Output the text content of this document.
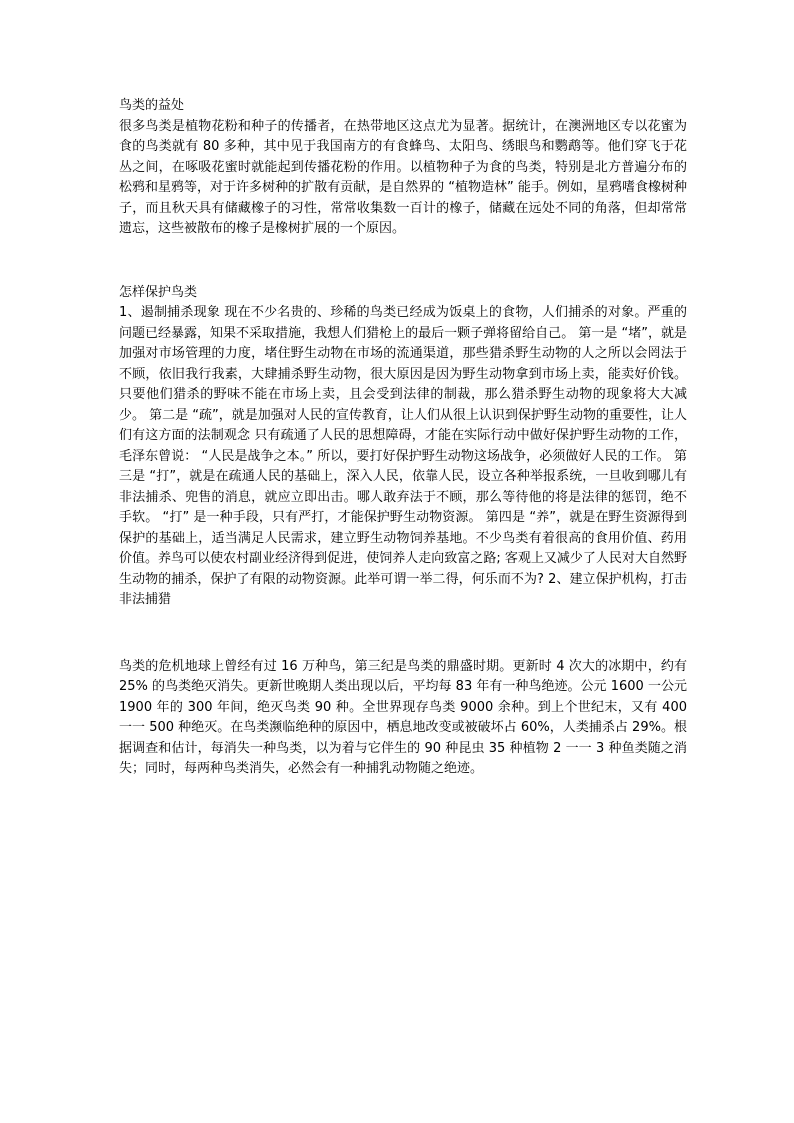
鸟类的益处

很多鸟类是植物花粉和种子的传播者，在热带地区这点尤为显著。据统计，在澳洲地区专以花蜜为食的鸟类就有 80 多种，其中见于我国南方的有食蜂鸟、太阳鸟、绣眼鸟和鹦鹉等。他们穿飞于花丛之间，在啄吸花蜜时就能起到传播花粉的作用。以植物种子为食的鸟类，特别是北方普遍分布的松鸦和星鸦等，对于许多树种的扩散有贡献，是自然界的 “植物造林” 能手。例如，星鸦嗜食橡树种子，而且秋天具有储藏橡子的习性，常常收集数一百计的橡子，储藏在远处不同的角落，但却常常遗忘，这些被散布的橡子是橡树扩展的一个原因。

怎样保护鸟类

1、遏制捕杀现象 现在不少名贵的、珍稀的鸟类已经成为饭桌上的食物，人们捕杀的对象。严重的问题已经暴露，知果不采取措施，我想人们猎枪上的最后一颗子弹将留给自己。 第一是 “堵”，就是加强对市场管理的力度，堵住野生动物在市场的流通渠道，那些猎杀野生动物的人之所以会罔法于不顾，依旧我行我素，大肆捕杀野生动物，很大原因是因为野生动物拿到市场上卖，能卖好价钱。只要他们猎杀的野味不能在市场上卖，且会受到法律的制裁，那么猎杀野生动物的现象将大大减少。 第二是 “疏”，就是加强对人民的宣传教育，让人们从很上认识到保护野生动物的重要性，让人们有这方面的法制观念 只有疏通了人民的思想障碍，才能在实际行动中做好保护野生动物的工作，毛泽东曾说： “人民是战争之本。” 所以，要打好保护野生动物这场战争，必须做好人民的工作。 第三是 “打”，就是在疏通人民的基础上，深入人民，依靠人民，设立各种举报系统，一旦收到哪儿有非法捕杀、兜售的消息，就应立即出击。哪人敢弃法于不顾，那么等待他的将是法律的惩罚，绝不手软。 “打” 是一种手段，只有严打，才能保护野生动物资源。 第四是 “养”，就是在野生资源得到保护的基础上，适当满足人民需求，建立野生动物饲养基地。不少鸟类有着很高的食用价值、药用价值。养鸟可以使农村副业经济得到促进，使饲养人走向致富之路; 客观上又减少了人民对大自然野生动物的捕杀，保护了有限的动物资源。此举可谓一举二得，何乐而不为? 2、建立保护机构，打击非法捕猎

鸟类的危机地球上曾经有过 16 万种鸟，第三纪是鸟类的鼎盛时期。更新时 4 次大的冰期中，约有 25% 的鸟类绝灭消失。更新世晚期人类出现以后，平均每 83 年有一种鸟绝迹。公元 1600 一公元 1900 年的 300 年间，绝灭鸟类 90 种。全世界现存鸟类 9000 余种。到上个世纪末，又有 400 一一 500 种绝灭。在鸟类濒临绝种的原因中，栖息地改变或被破坏占 60%，人类捕杀占 29%。根据调查和估计，每消失一种鸟类，以为着与它伴生的 90 种昆虫 35 种植物 2 一一 3 种鱼类随之消失；同时，每两种鸟类消失，必然会有一种捕乳动物随之绝迹。
